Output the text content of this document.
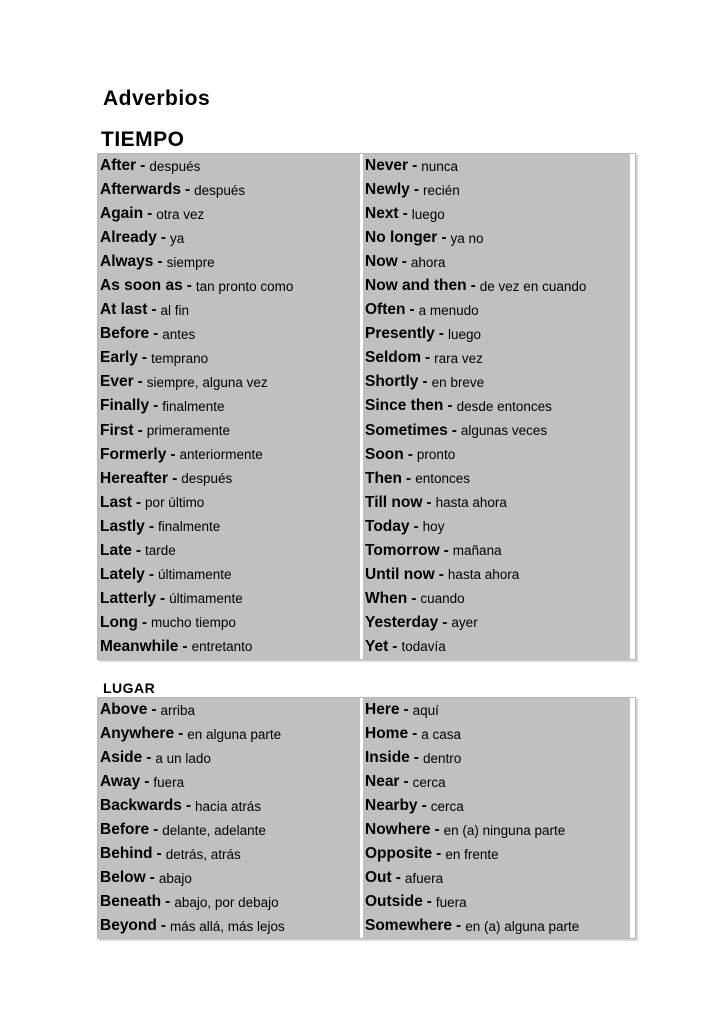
Adverbios
TIEMPO
After - después
Afterwards - después
Again - otra vez
Already - ya
Always - siempre
As soon as - tan pronto como
At last - al fin
Before - antes
Early - temprano
Ever - siempre, alguna vez
Finally - finalmente
First - primeramente
Formerly - anteriormente
Hereafter - después
Last - por último
Lastly - finalmente
Late - tarde
Lately - últimamente
Latterly - últimamente
Long - mucho tiempo
Meanwhile - entretanto
Never - nunca
Newly - recién
Next - luego
No longer - ya no
Now - ahora
Now and then - de vez en cuando
Often - a menudo
Presently - luego
Seldom - rara vez
Shortly - en breve
Since then - desde entonces
Sometimes - algunas veces
Soon - pronto
Then - entonces
Till now - hasta ahora
Today - hoy
Tomorrow - mañana
Until now - hasta ahora
When - cuando
Yesterday - ayer
Yet - todavía
LUGAR
Above - arriba
Anywhere - en alguna parte
Aside - a un lado
Away - fuera
Backwards - hacia atrás
Before - delante, adelante
Behind - detrás, atrás
Below - abajo
Beneath - abajo, por debajo
Beyond - más allá, más lejos
Here - aquí
Home - a casa
Inside - dentro
Near - cerca
Nearby - cerca
Nowhere - en (a) ninguna parte
Opposite - en frente
Out - afuera
Outside - fuera
Somewhere - en (a) alguna parte
